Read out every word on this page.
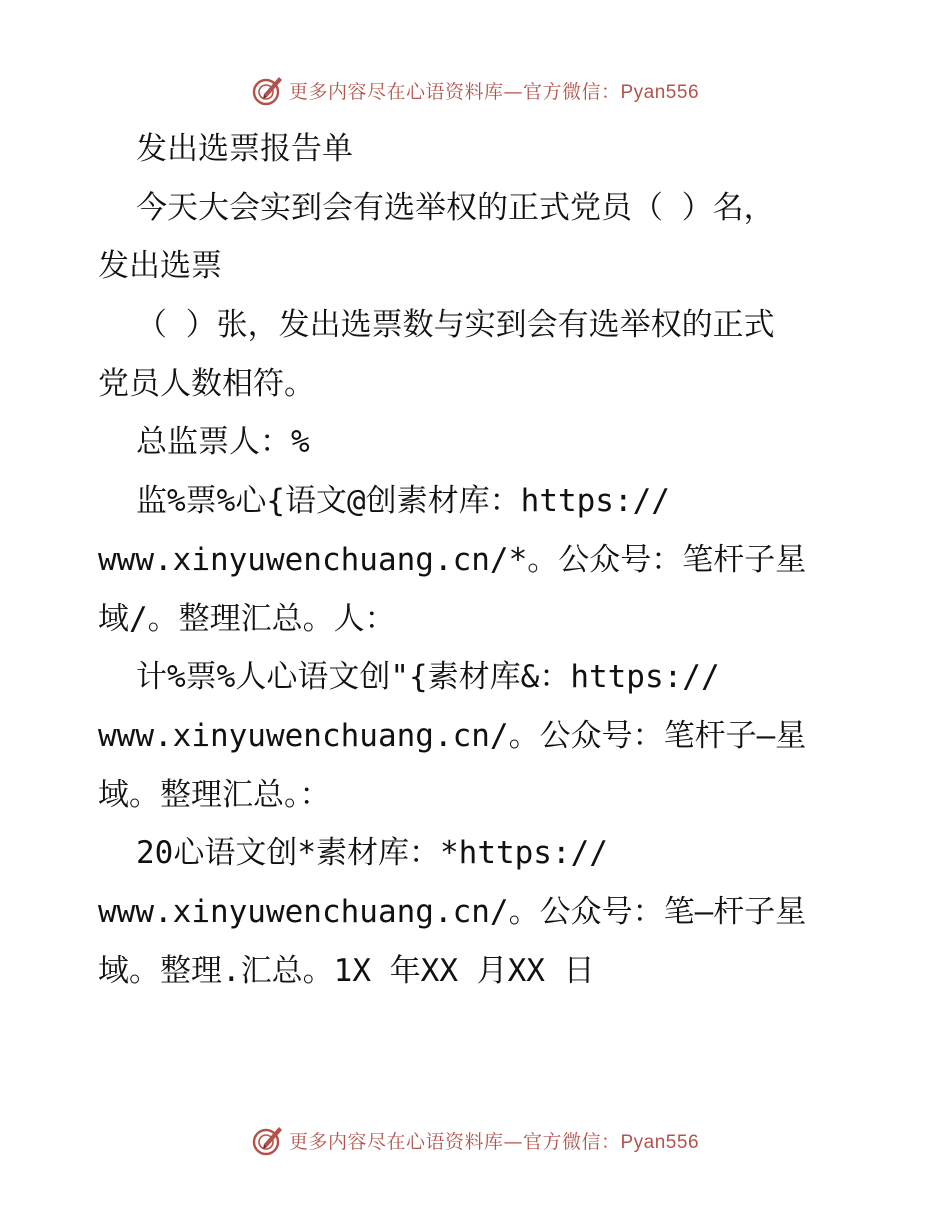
更多内容尽在心语资料库—官方微信：Pyan556
发出选票报告单
今天大会实到会有选举权的正式党员（ ）名，
发出选票
（ ）张，发出选票数与实到会有选举权的正式
党员人数相符。
总监票人：%
监%票%心{语文@创素材库：https://
www.xinyuwenchuang.cn/*。公众号：笔杆子星
域/。整理汇总。人：
计%票%人心语文创"{素材库&：https://
www.xinyuwenchuang.cn/。公众号：笔杆子—星
域。整理汇总。：
20心语文创*素材库：*https://
www.xinyuwenchuang.cn/。公众号：笔—杆子星
域。整理.汇总。1X 年XX 月XX 日
更多内容尽在心语资料库—官方微信：Pyan556
